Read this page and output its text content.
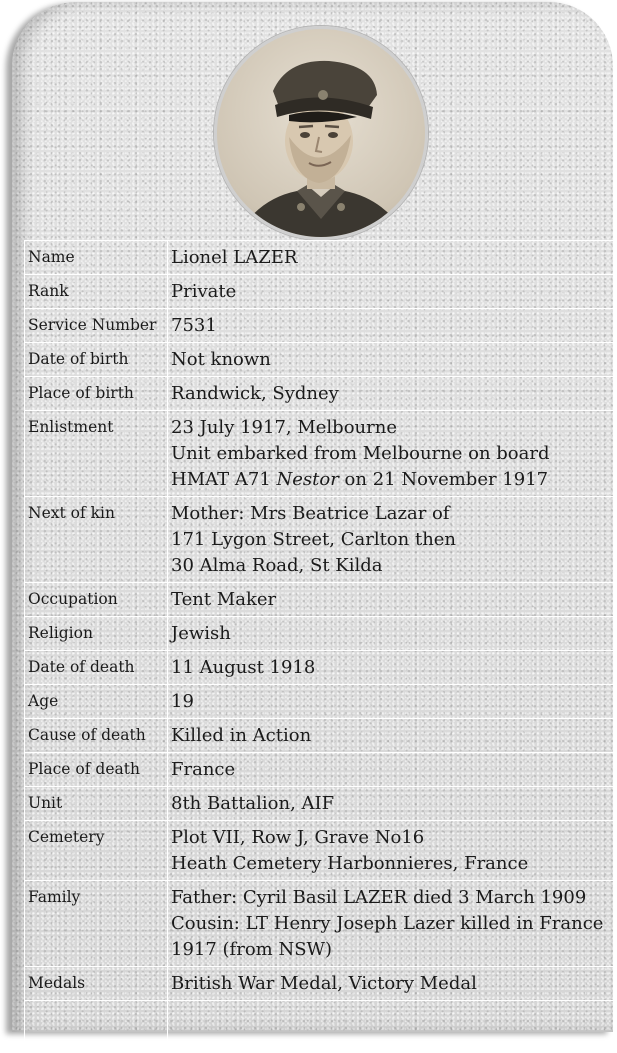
Name	Lionel LAZER

Rank	Private

Service Number	7531

Date of birth	Not known

Place of birth	Randwick, Sydney

Enlistment	23 July 1917, Melbourne
Unit embarked from Melbourne on board
HMAT A71 Nestor on 21 November 1917

Next of kin	Mother: Mrs Beatrice Lazar of
171 Lygon Street, Carlton then
30 Alma Road, St Kilda

Occupation	Tent Maker

Religion	Jewish

Date of death	11 August 1918

Age	19

Cause of death	Killed in Action

Place of death	France

Unit	8th Battalion, AIF

Cemetery	Plot VII, Row J, Grave No16
Heath Cemetery Harbonnieres, France

Family	Father: Cyril Basil LAZER died 3 March 1909
Cousin: LT Henry Joseph Lazer killed in France
1917 (from NSW)

Medals	British War Medal, Victory Medal
